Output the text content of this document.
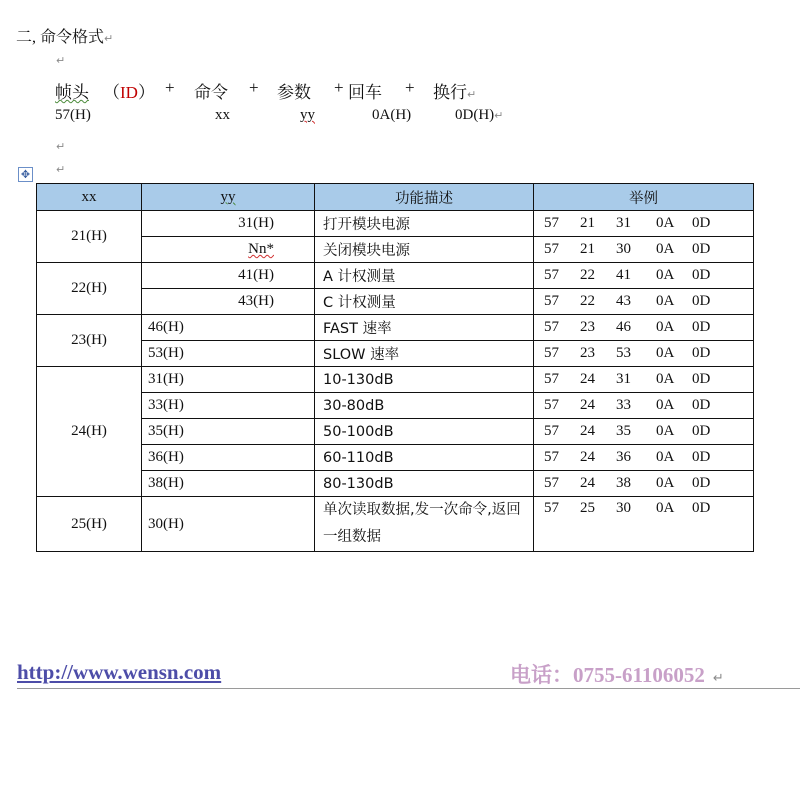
二, 命令格式↵
↵
帧头 （ID） + 命令 + 参数 + 回车 + 换行↵
57(H)	xx	yy	0A(H)	0D(H)↵
↵
↵
✥
xx	yy	功能描述	举例
21(H)	31(H)	打开模块电源	57 21 31 0A 0D
	Nn*	关闭模块电源	57 21 30 0A 0D
22(H)	41(H)	A 计权测量	57 22 41 0A 0D
	43(H)	C 计权测量	57 22 43 0A 0D
23(H)	46(H)	FAST 速率	57 23 46 0A 0D
	53(H)	SLOW 速率	57 23 53 0A 0D
24(H)	31(H)	10-130dB	57 24 31 0A 0D
	33(H)	30-80dB	57 24 33 0A 0D
	35(H)	50-100dB	57 24 35 0A 0D
	36(H)	60-110dB	57 24 36 0A 0D
	38(H)	80-130dB	57 24 38 0A 0D
25(H)	30(H)	单次读取数据,发一次命令,返回一组数据	57 25 30 0A 0D
http://www.wensn.com	电话：0755-61106052 ↵
